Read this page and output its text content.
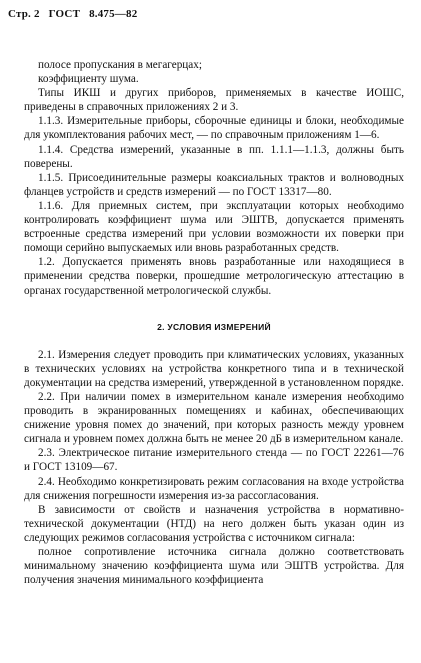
Стр. 2 ГОСТ 8.475—82

полосе пропускания в мегагерцах;

коэффициенту шума.

Типы ИКШ и других приборов, применяемых в качестве ИОШС, приведены в справочных приложениях 2 и 3.

1.1.3. Измерительные приборы, сборочные единицы и блоки, необходимые для укомплектования рабочих мест, — по справочным приложениям 1—6.

1.1.4. Средства измерений, указанные в пп. 1.1.1—1.1.3, должны быть поверены.

1.1.5. Присоединительные размеры коаксиальных трактов и волноводных фланцев устройств и средств измерений — по ГОСТ 13317—80.

1.1.6. Для приемных систем, при эксплуатации которых необходимо контролировать коэффициент шума или ЭШТВ, допускается применять встроенные средства измерений при условии возможности их поверки при помощи серийно выпускаемых или вновь разработанных средств.

1.2. Допускается применять вновь разработанные или находящиеся в применении средства поверки, прошедшие метрологическую аттестацию в органах государственной метрологической службы.

2. УСЛОВИЯ ИЗМЕРЕНИЙ

2.1. Измерения следует проводить при климатических условиях, указанных в технических условиях на устройства конкретного типа и в технической документации на средства измерений, утвержденной в установленном порядке.

2.2. При наличии помех в измерительном канале измерения необходимо проводить в экранированных помещениях и кабинах, обеспечивающих снижение уровня помех до значений, при которых разность между уровнем сигнала и уровнем помех должна быть не менее 20 дБ в измерительном канале.

2.3. Электрическое питание измерительного стенда — по ГОСТ 22261—76 и ГОСТ 13109—67.

2.4. Необходимо конкретизировать режим согласования на входе устройства для снижения погрешности измерения из-за рассогласования.

В зависимости от свойств и назначения устройства в нормативно-технической документации (НТД) на него должен быть указан один из следующих режимов согласования устройства с источником сигнала:

полное сопротивление источника сигнала должно соответствовать минимальному значению коэффициента шума или ЭШТВ устройства. Для получения значения минимального коэффициента
